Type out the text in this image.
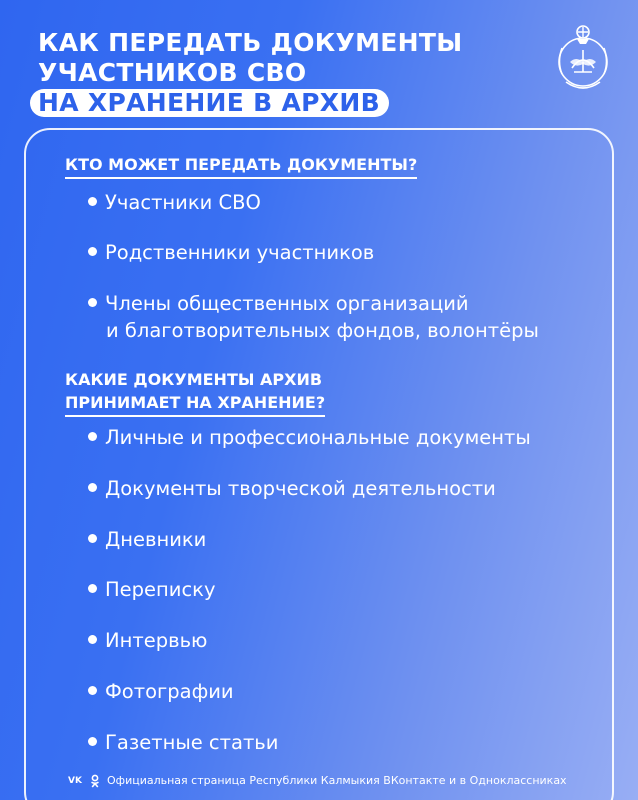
КАК ПЕРЕДАТЬ ДОКУМЕНТЫ
УЧАСТНИКОВ СВО
НА ХРАНЕНИЕ В АРХИВ
КТО МОЖЕТ ПЕРЕДАТЬ ДОКУМЕНТЫ?
Участники СВО
Родственники участников
Члены общественных организаций
и благотворительных фондов, волонтёры
КАКИЕ ДОКУМЕНТЫ АРХИВ
ПРИНИМАЕТ НА ХРАНЕНИЕ?
Личные и профессиональные документы
Документы творческой деятельности
Дневники
Переписку
Интервью
Фотографии
Газетные статьи
VK Официальная страница Республики Калмыкия ВКонтакте и в Одноклассниках
